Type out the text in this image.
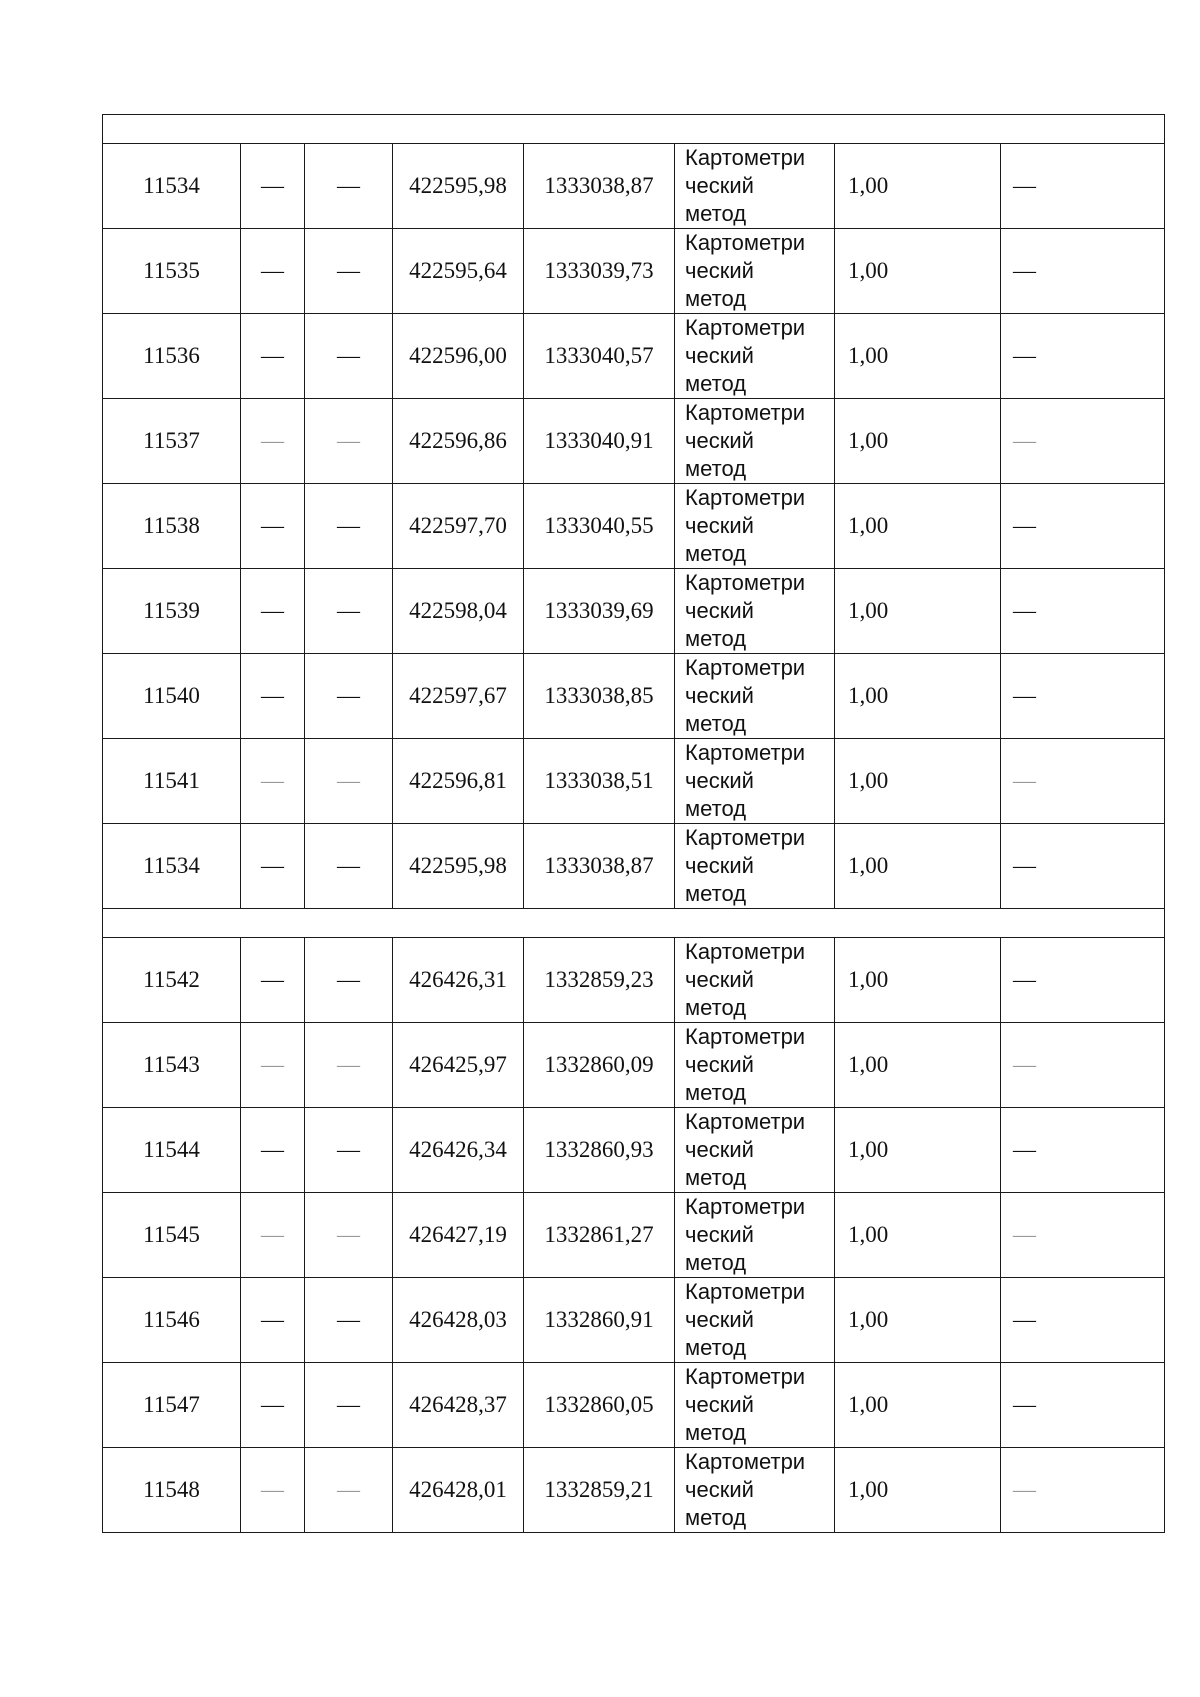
11534	—	—	422595,98	1333038,87	Картометри
ческий
метод	1,00	—
11535	—	—	422595,64	1333039,73	Картометри
ческий
метод	1,00	—
11536	—	—	422596,00	1333040,57	Картометри
ческий
метод	1,00	—
11537	—	—	422596,86	1333040,91	Картометри
ческий
метод	1,00	—
11538	—	—	422597,70	1333040,55	Картометри
ческий
метод	1,00	—
11539	—	—	422598,04	1333039,69	Картометри
ческий
метод	1,00	—
11540	—	—	422597,67	1333038,85	Картометри
ческий
метод	1,00	—
11541	—	—	422596,81	1333038,51	Картометри
ческий
метод	1,00	—
11534	—	—	422595,98	1333038,87	Картометри
ческий
метод	1,00	—

11542	—	—	426426,31	1332859,23	Картометри
ческий
метод	1,00	—
11543	—	—	426425,97	1332860,09	Картометри
ческий
метод	1,00	—
11544	—	—	426426,34	1332860,93	Картометри
ческий
метод	1,00	—
11545	—	—	426427,19	1332861,27	Картометри
ческий
метод	1,00	—
11546	—	—	426428,03	1332860,91	Картометри
ческий
метод	1,00	—
11547	—	—	426428,37	1332860,05	Картометри
ческий
метод	1,00	—
11548	—	—	426428,01	1332859,21	Картометри
ческий
метод	1,00	—
